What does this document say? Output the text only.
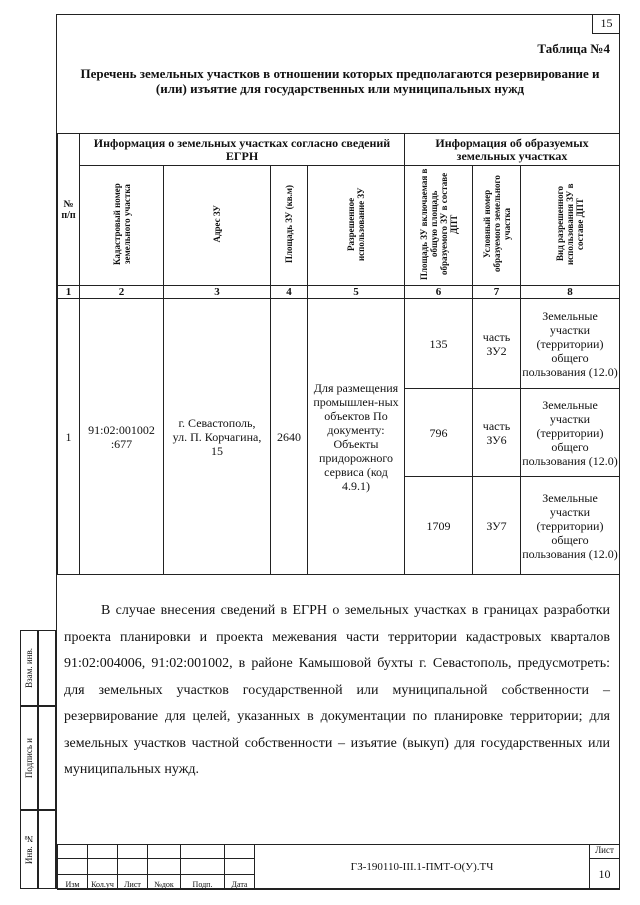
15
Таблица №4
Перечень земельных участков в отношении которых предполагаются резервирование и (или) изъятие для государственных или муниципальных нужд
№ п/п	Информация о земельных участках согласно сведений ЕГРН				Информация об образуемых земельных участках		
	Кадастровый номер земельного участка	Адрес ЗУ	Площадь ЗУ (кв.м)	Разрешенное использование ЗУ	Площадь ЗУ включаемая в общую площадь образуемого ЗУ в составе ДПТ	Условный номер образуемого земельного участка	Вид разрешенного использования ЗУ в составе ДПТ
1	2	3	4	5	6	7	8
1	91:02:001002 :677	г. Севастополь, ул. П. Корчагина, 15	2640	Для размещения промышлен-ных объектов По документу: Объекты придорожного сервиса (код 4.9.1)	135	часть ЗУ2	Земельные участки (территории) общего пользования (12.0)
					796	часть ЗУ6	Земельные участки (территории) общего пользования (12.0)
					1709	ЗУ7	Земельные участки (территории) общего пользования (12.0)
В случае внесения сведений в ЕГРН о земельных участках в границах разработки проекта планировки и проекта межевания части территории кадастровых кварталов 91:02:004006, 91:02:001002, в районе Камышовой бухты г. Севастополь, предусмотреть: для земельных участков государственной или муниципальной собственности – резервирование для целей, указанных в документации по планировке территории; для земельных участков частной собственности – изъятие (выкуп) для государственных или муниципальных нужд.
Взам. инв.
Подпись и
Инв. №
						ГЗ-190110-III.1-ПМТ-О(У).ТЧ	Лист
							10
Изм	Кол.уч	Лист	№док	Подп.	Дата		
